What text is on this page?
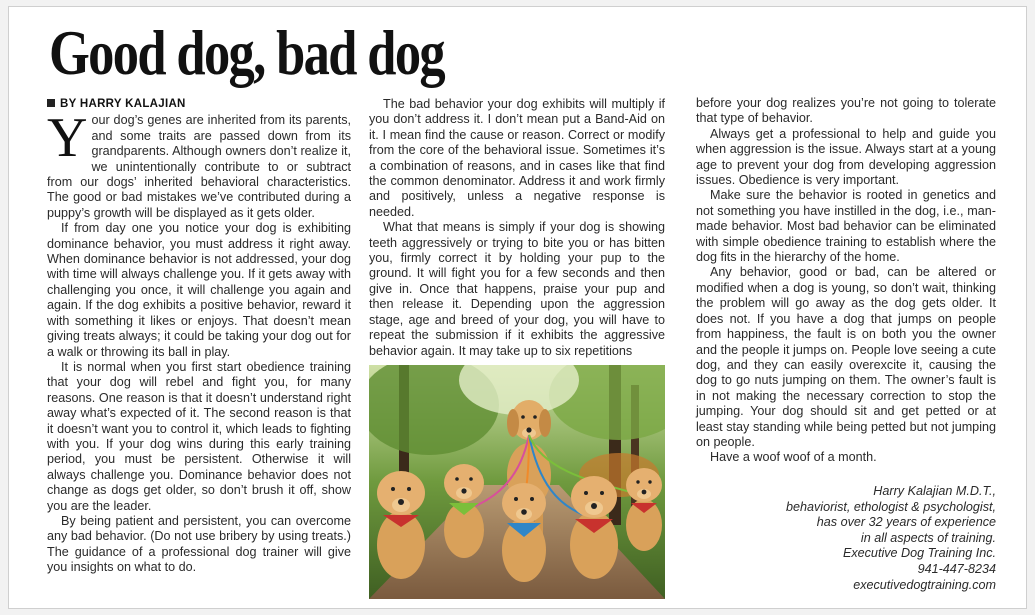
Good dog, bad dog
BY HARRY KALAJIAN

Your dog’s genes are inherited from its parents, and some traits are passed down from its grandparents. Although owners don’t realize it, we unintentionally contribute to or subtract from our dogs’ inherited behavioral characteristics. The good or bad mistakes we’ve contributed during a puppy’s growth will be displayed as it gets older.

If from day one you notice your dog is exhibiting dominance behavior, you must address it right away. When dominance behavior is not addressed, your dog with time will always challenge you. If it gets away with challenging you once, it will challenge you again and again. If the dog exhibits a positive behavior, reward it with something it likes or enjoys. That doesn’t mean giving treats always; it could be taking your dog out for a walk or throwing its ball in play.

It is normal when you first start obedience training that your dog will rebel and fight you, for many reasons. One reason is that it doesn’t understand right away what’s expected of it. The second reason is that it doesn’t want you to control it, which leads to fighting with you. If your dog wins during this early training period, you must be persistent. Otherwise it will always challenge you. Dominance behavior does not change as dogs get older, so don’t brush it off, show you are the leader.

By being patient and persistent, you can overcome any bad behavior. (Do not use bribery by using treats.) The guidance of a professional dog trainer will give you insights on what to do.

The bad behavior your dog exhibits will multiply if you don’t address it. I don’t mean put a Band-Aid on it. I mean find the cause or reason. Correct or modify from the core of the behavioral issue. Sometimes it’s a combination of reasons, and in cases like that find the common denominator. Address it and work firmly and positively, unless a negative response is needed.

What that means is simply if your dog is showing teeth aggressively or trying to bite you or has bitten you, firmly correct it by holding your pup to the ground. It will fight you for a few seconds and then give in. Once that happens, praise your pup and then release it. Depending upon the aggression stage, age and breed of your dog, you will have to repeat the submission if it exhibits the aggressive behavior again. It may take up to six repetitions

before your dog realizes you’re not going to tolerate that type of behavior.

Always get a professional to help and guide you when aggression is the issue. Always start at a young age to prevent your dog from developing aggression issues. Obedience is very important.

Make sure the behavior is rooted in genetics and not something you have instilled in the dog, i.e., man-made behavior. Most bad behavior can be eliminated with simple obedience training to establish where the dog fits in the hierarchy of the home.

Any behavior, good or bad, can be altered or modified when a dog is young, so don’t wait, thinking the problem will go away as the dog gets older. It does not. If you have a dog that jumps on people from happiness, the fault is on both you the owner and the people it jumps on. People love seeing a cute dog, and they can easily overexcite it, causing the dog to go nuts jumping on them. The owner’s fault is in not making the necessary correction to stop the jumping. Your dog should sit and get petted or at least stay standing while being petted but not jumping on people.

Have a woof woof of a month.

Harry Kalajian M.D.T.,
behaviorist, ethologist & psychologist,
has over 32 years of experience
in all aspects of training.
Executive Dog Training Inc.
941-447-8234
executivedogtraining.com
